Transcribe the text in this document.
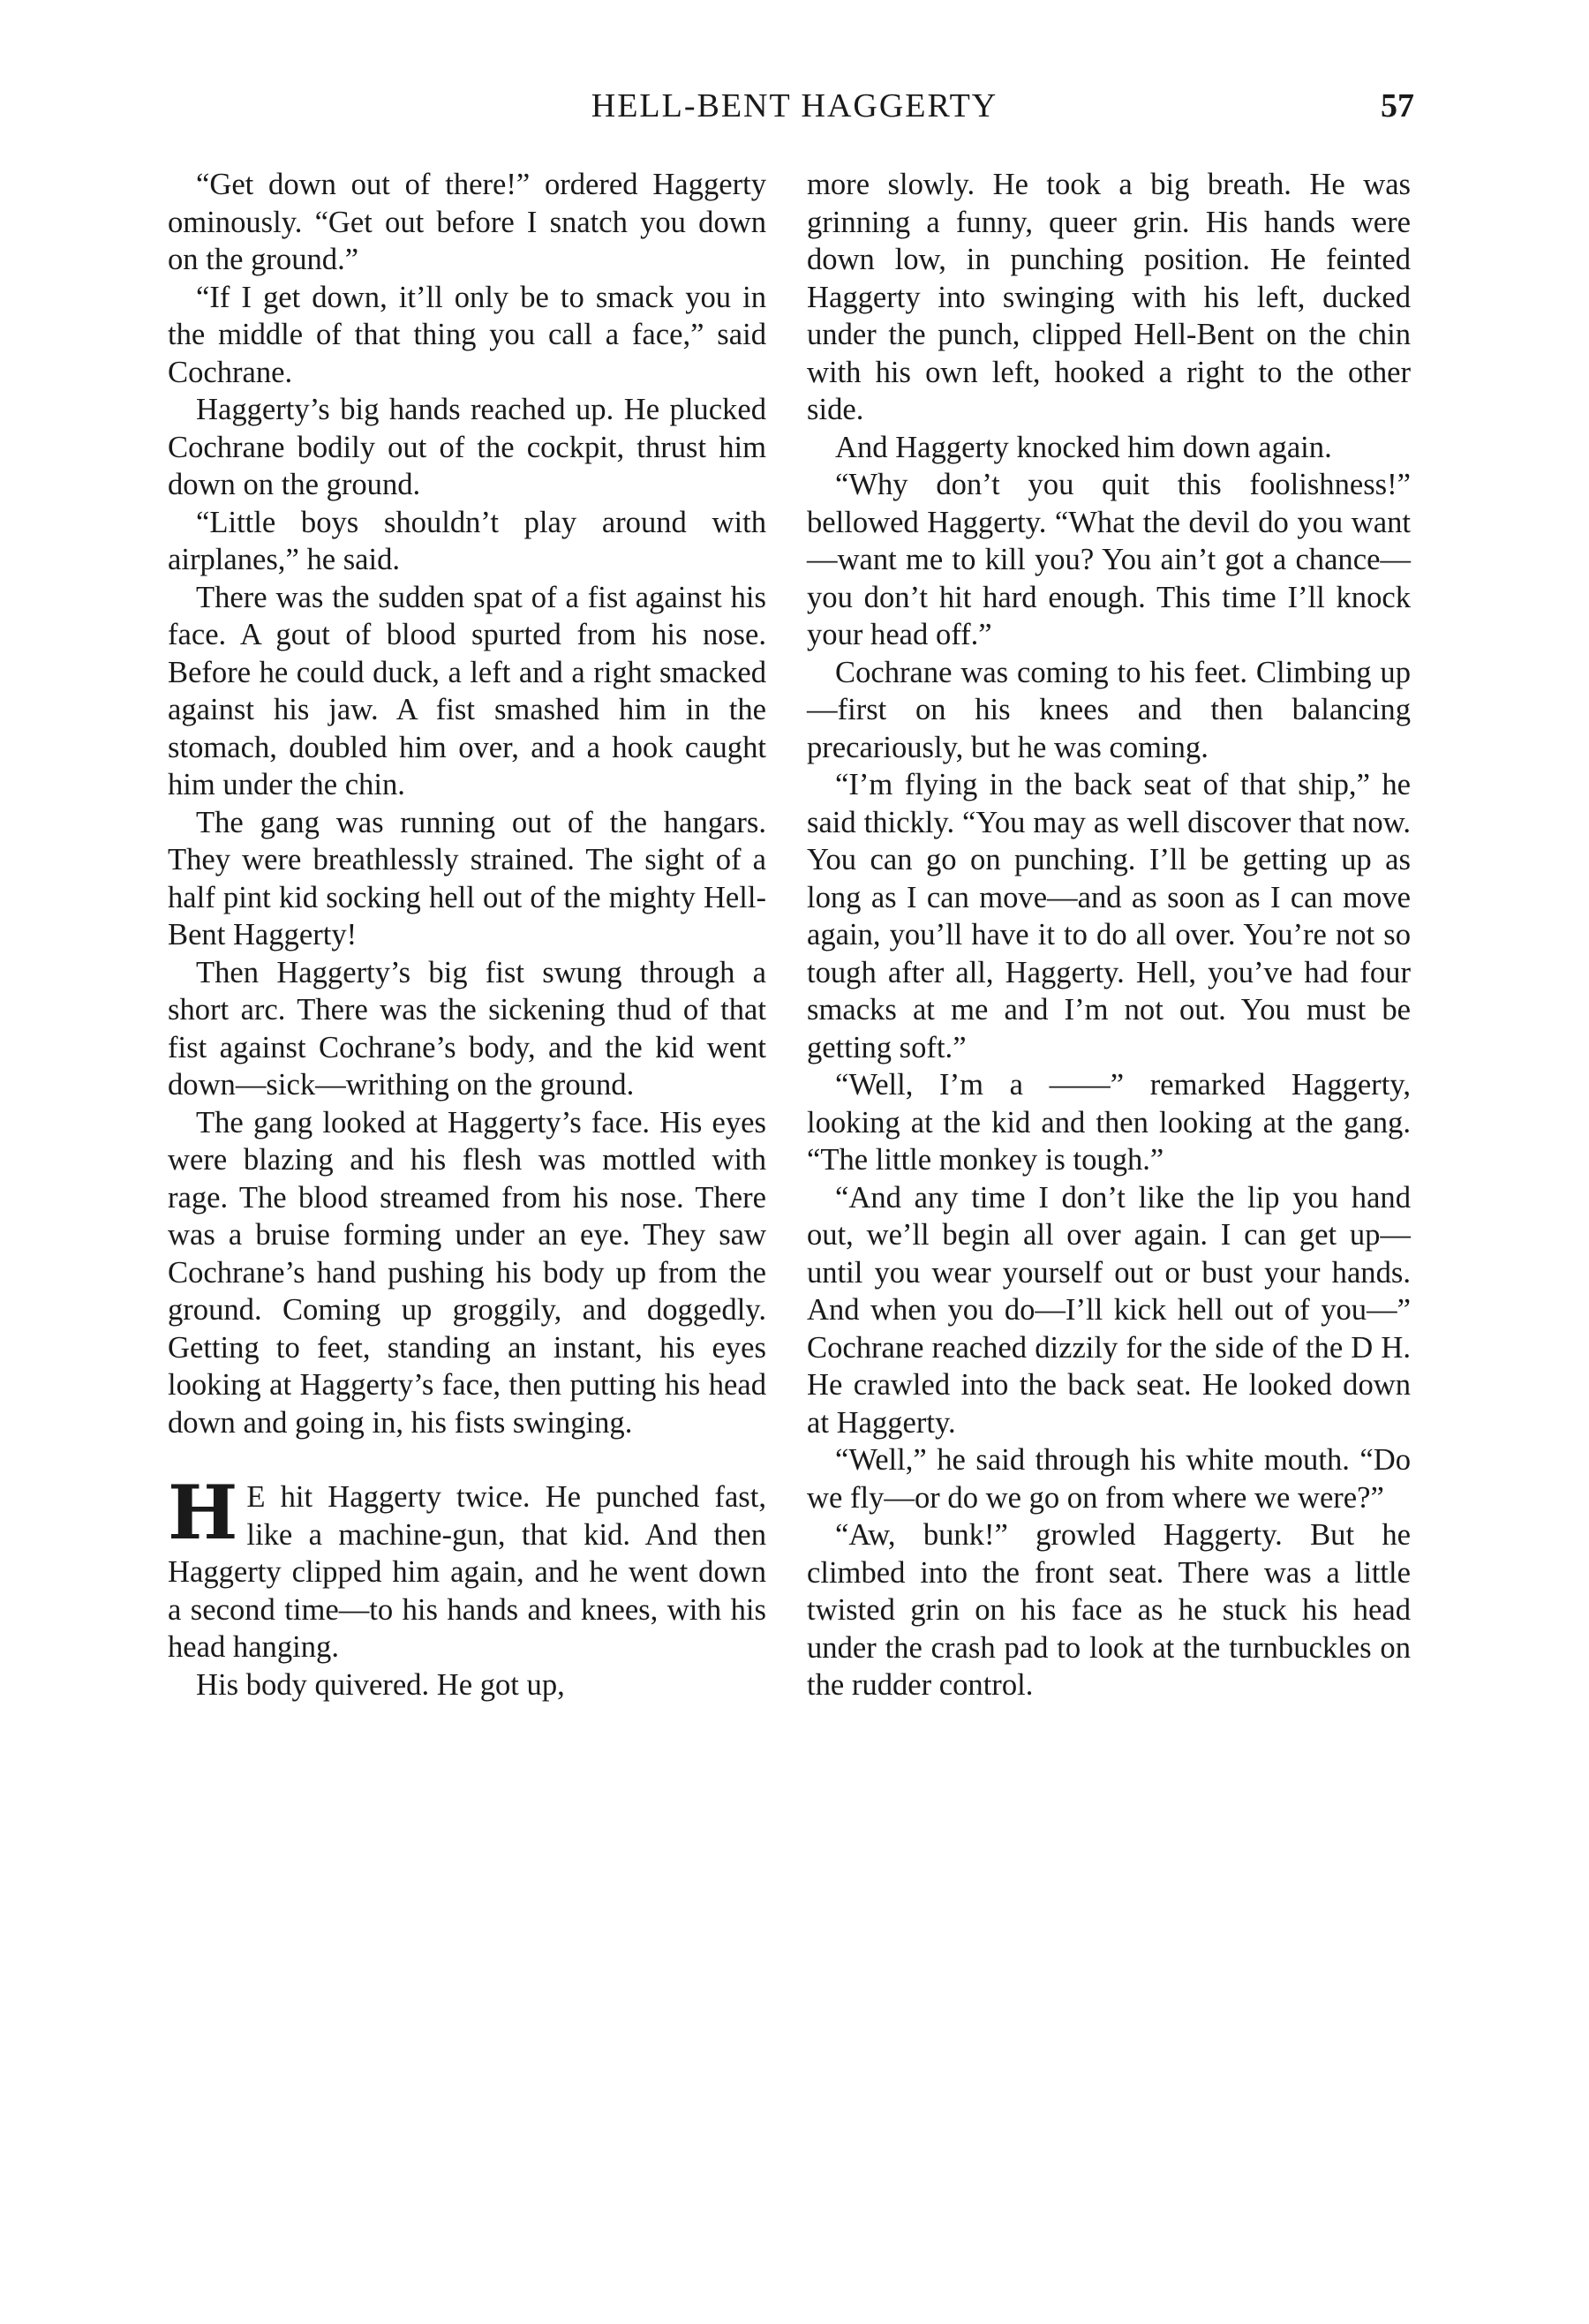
HELL-BENT HAGGERTY	57

“Get down out of there!” ordered Haggerty ominously. “Get out before I snatch you down on the ground.”

“If I get down, it’ll only be to smack you in the middle of that thing you call a face,” said Cochrane.

Haggerty’s big hands reached up. He plucked Cochrane bodily out of the cockpit, thrust him down on the ground.

“Little boys shouldn’t play around with airplanes,” he said.

There was the sudden spat of a fist against his face. A gout of blood spurted from his nose. Before he could duck, a left and a right smacked against his jaw. A fist smashed him in the stomach, doubled him over, and a hook caught him under the chin.

The gang was running out of the hangars. They were breathlessly strained. The sight of a half pint kid socking hell out of the mighty Hell-Bent Haggerty!

Then Haggerty’s big fist swung through a short arc. There was the sickening thud of that fist against Cochrane’s body, and the kid went down—sick—writhing on the ground.

The gang looked at Haggerty’s face. His eyes were blazing and his flesh was mottled with rage. The blood streamed from his nose. There was a bruise forming under an eye. They saw Cochrane’s hand pushing his body up from the ground. Coming up groggily, and doggedly. Getting to feet, standing an instant, his eyes looking at Haggerty’s face, then putting his head down and going in, his fists swinging.

H E hit Haggerty twice. He punched fast, like a machine-gun, that kid. And then Haggerty clipped him again, and he went down a second time—to his hands and knees, with his head hanging.

His body quivered. He got up,

more slowly. He took a big breath. He was grinning a funny, queer grin. His hands were down low, in punching position. He feinted Haggerty into swinging with his left, ducked under the punch, clipped Hell-Bent on the chin with his own left, hooked a right to the other side.

And Haggerty knocked him down again.

“Why don’t you quit this foolishness!” bellowed Haggerty. “What the devil do you want—want me to kill you? You ain’t got a chance—you don’t hit hard enough. This time I’ll knock your head off.”

Cochrane was coming to his feet. Climbing up—first on his knees and then balancing precariously, but he was coming.

“I’m flying in the back seat of that ship,” he said thickly. “You may as well discover that now. You can go on punching. I’ll be getting up as long as I can move—and as soon as I can move again, you’ll have it to do all over. You’re not so tough after all, Haggerty. Hell, you’ve had four smacks at me and I’m not out. You must be getting soft.”

“Well, I’m a ——” remarked Haggerty, looking at the kid and then looking at the gang. “The little monkey is tough.”

“And any time I don’t like the lip you hand out, we’ll begin all over again. I can get up—until you wear yourself out or bust your hands. And when you do—I’ll kick hell out of you—” Cochrane reached dizzily for the side of the D H. He crawled into the back seat. He looked down at Haggerty.

“Well,” he said through his white mouth. “Do we fly—or do we go on from where we were?”

“Aw, bunk!” growled Haggerty. But he climbed into the front seat. There was a little twisted grin on his face as he stuck his head under the crash pad to look at the turnbuckles on the rudder control.
